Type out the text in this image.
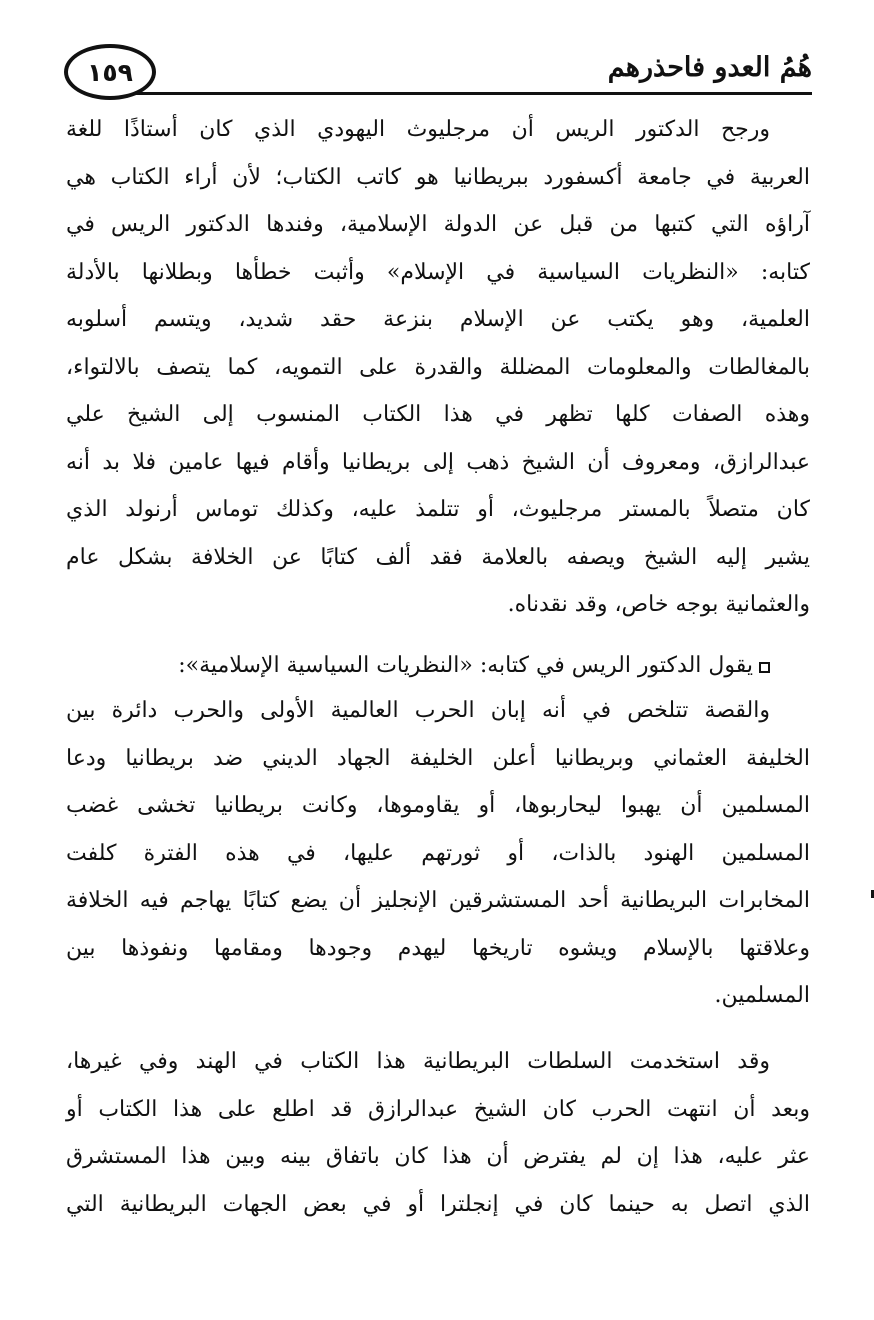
١٥٩	هُمُ العدو فاحذرهم
ورجح الدكتور الريس أن مرجليوث اليهودي الذي كان أستاذًا للغة
العربية في جامعة أكسفورد ببريطانيا هو كاتب الكتاب؛ لأن أراء الكتاب هي
آراؤه التي كتبها من قبل عن الدولة الإسلامية، وفندها الدكتور الريس في
كتابه: «النظريات السياسية في الإسلام» وأثبت خطأها وبطلانها بالأدلة
العلمية، وهو يكتب عن الإسلام بنزعة حقد شديد، ويتسم أسلوبه
بالمغالطات والمعلومات المضللة والقدرة على التمويه، كما يتصف بالالتواء،
وهذه الصفات كلها تظهر في هذا الكتاب المنسوب إلى الشيخ علي
عبدالرازق، ومعروف أن الشيخ ذهب إلى بريطانيا وأقام فيها عامين فلا بد أنه
كان متصلاً بالمستر مرجليوث، أو تتلمذ عليه، وكذلك توماس أرنولد الذي
يشير إليه الشيخ ويصفه بالعلامة فقد ألف كتابًا عن الخلافة بشكل عام
والعثمانية بوجه خاص، وقد نقدناه.
يقول الدكتور الريس في كتابه: «النظريات السياسية الإسلامية»:
والقصة تتلخص في أنه إبان الحرب العالمية الأولى والحرب دائرة بين
الخليفة العثماني وبريطانيا أعلن الخليفة الجهاد الديني ضد بريطانيا ودعا
المسلمين أن يهبوا ليحاربوها، أو يقاوموها، وكانت بريطانيا تخشى غضب
المسلمين الهنود بالذات، أو ثورتهم عليها، في هذه الفترة كلفت
المخابرات البريطانية أحد المستشرقين الإنجليز أن يضع كتابًا يهاجم فيه الخلافة
وعلاقتها بالإسلام ويشوه تاريخها ليهدم وجودها ومقامها ونفوذها بين
المسلمين.
وقد استخدمت السلطات البريطانية هذا الكتاب في الهند وفي غيرها،
وبعد أن انتهت الحرب كان الشيخ عبدالرازق قد اطلع على هذا الكتاب أو
عثر عليه، هذا إن لم يفترض أن هذا كان باتفاق بينه وبين هذا المستشرق
الذي اتصل به حينما كان في إنجلترا أو في بعض الجهات البريطانية التي
